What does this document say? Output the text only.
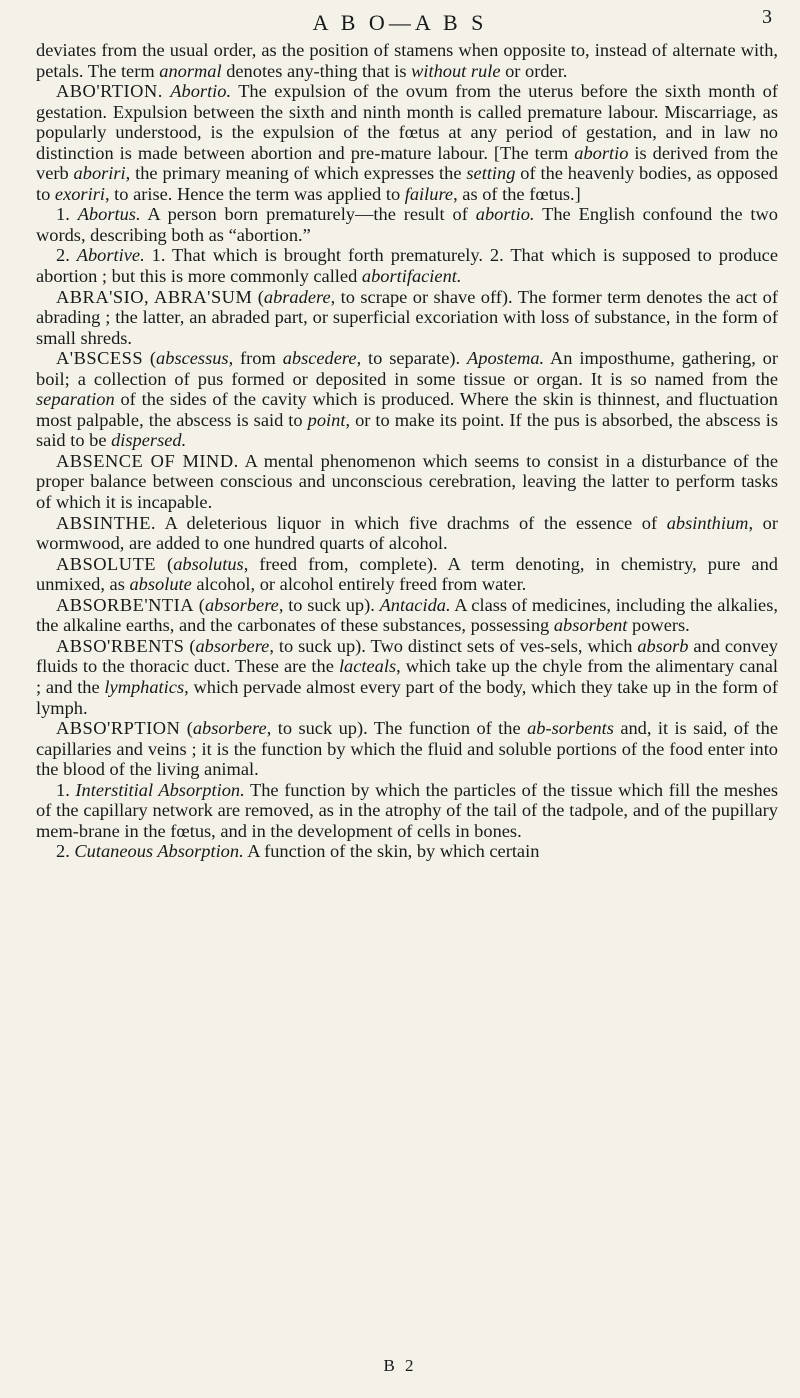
A B O—A B S	3

deviates from the usual order, as the position of stamens when opposite to, instead of alternate with, petals. The term anormal denotes any-thing that is without rule or order.

ABO'RTION. Abortio. The expulsion of the ovum from the uterus before the sixth month of gestation. Expulsion between the sixth and ninth month is called premature labour. Miscarriage, as popularly understood, is the expulsion of the fœtus at any period of gestation, and in law no distinction is made between abortion and pre-mature labour. [The term abortio is derived from the verb aboriri, the primary meaning of which expresses the setting of the heavenly bodies, as opposed to exoriri, to arise. Hence the term was applied to failure, as of the fœtus.]

1. Abortus. A person born prematurely—the result of abortio. The English confound the two words, describing both as “abortion.”

2. Abortive. 1. That which is brought forth prematurely. 2. That which is supposed to produce abortion ; but this is more commonly called abortifacient.

ABRA'SIO, ABRA'SUM (abradere, to scrape or shave off). The former term denotes the act of abrading ; the latter, an abraded part, or superficial excoriation with loss of substance, in the form of small shreds.

A'BSCESS (abscessus, from abscedere, to separate). Apostema. An imposthume, gathering, or boil; a collection of pus formed or deposited in some tissue or organ. It is so named from the separation of the sides of the cavity which is produced. Where the skin is thinnest, and fluctuation most palpable, the abscess is said to point, or to make its point. If the pus is absorbed, the abscess is said to be dispersed.

ABSENCE OF MIND. A mental phenomenon which seems to consist in a disturbance of the proper balance between conscious and unconscious cerebration, leaving the latter to perform tasks of which it is incapable.

ABSINTHE. A deleterious liquor in which five drachms of the essence of absinthium, or wormwood, are added to one hundred quarts of alcohol.

ABSOLUTE (absolutus, freed from, complete). A term denoting, in chemistry, pure and unmixed, as absolute alcohol, or alcohol entirely freed from water.

ABSORBE'NTIA (absorbere, to suck up). Antacida. A class of medicines, including the alkalies, the alkaline earths, and the carbonates of these substances, possessing absorbent powers.

ABSO'RBENTS (absorbere, to suck up). Two distinct sets of ves-sels, which absorb and convey fluids to the thoracic duct. These are the lacteals, which take up the chyle from the alimentary canal ; and the lymphatics, which pervade almost every part of the body, which they take up in the form of lymph.

ABSO'RPTION (absorbere, to suck up). The function of the ab-sorbents and, it is said, of the capillaries and veins ; it is the function by which the fluid and soluble portions of the food enter into the blood of the living animal.

1. Interstitial Absorption. The function by which the particles of the tissue which fill the meshes of the capillary network are removed, as in the atrophy of the tail of the tadpole, and of the pupillary mem-brane in the fœtus, and in the development of cells in bones.

2. Cutaneous Absorption. A function of the skin, by which certain

B 2
